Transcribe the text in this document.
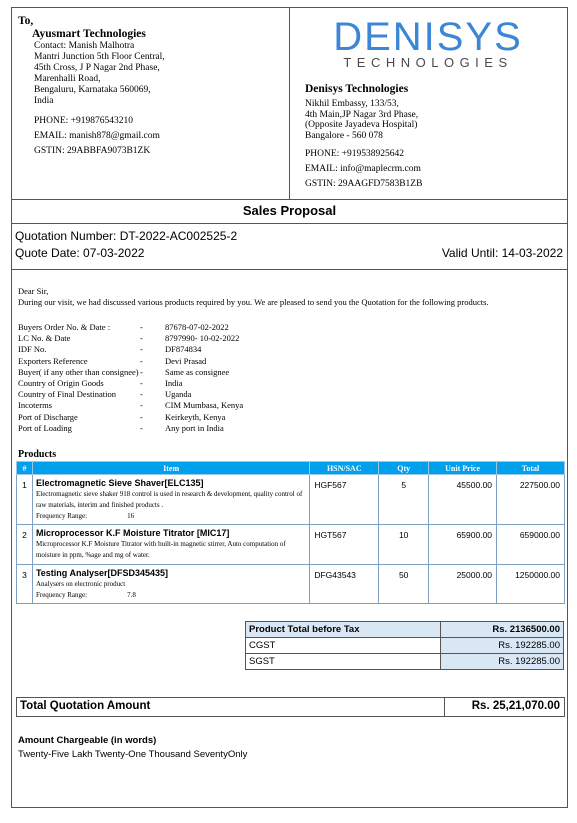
To,
Ayusmart Technologies
Contact: Manish Malhotra
Mantri Junction 5th Floor Central,
45th Cross, J P Nagar 2nd Phase,
Marenhalli Road,
Bengaluru, Karnataka 560069,
India
PHONE: +919876543210
EMAIL: manish878@gmail.com
GSTIN: 29ABBFA9073B1ZK
DENISYS
TECHNOLOGIES
Denisys Technologies
Nikhil Embassy, 133/53,
4th Main,JP Nagar 3rd Phase,
(Opposite Jayadeva Hospital)
Bangalore - 560 078
PHONE: +919538925642
EMAIL: info@maplecrm.com
GSTIN: 29AAGFD7583B1ZB
Sales Proposal
Quotation Number: DT-2022-AC002525-2
Quote Date: 07-03-2022	Valid Until: 14-03-2022
Dear Sir,
During our visit, we had discussed various products required by you. We are pleased to send you the Quotation for the following products.
Buyers Order No. & Date :	-	87678-07-02-2022
LC No. & Date	-	8797990- 10-02-2022
IDF No.	-	DF874834
Exporters Reference	-	Devi Prasad
Buyer( if any other than consignee) -	Same as consignee
Country of Origin Goods	-	India
Country of Final Destination	-	Uganda
Incoterms	-	CIM Mumbasa, Kenya
Port of Discharge	-	Keirkeyth, Kenya
Port of Loading	-	Any port in India
Products
#	Item	HSN/SAC	Qty	Unit Price	Total
1	Electromagnetic Sieve Shaver[ELC135]
Electromagnetic sieve shaker 918 control is used in research & development, quality control of raw materials, interim and finished products .
Frequency Range: 16	HGF567	5	45500.00	227500.00
2	Microprocessor K.F Moisture Titrator [MIC17]
Microprocessor K.F Moisture Titrator with built-in magnetic stirrer, Auto computation of moisture in ppm, %age and mg of water.	HGT567	10	65900.00	659000.00
3	Testing Analyser[DFSD345435]
Analysers on electronic product
Frequency Range: 7.8	DFG43543	50	25000.00	1250000.00
Product Total before Tax	Rs. 2136500.00
CGST	Rs. 192285.00
SGST	Rs. 192285.00
Total Quotation Amount	Rs. 25,21,070.00
Amount Chargeable (in words)
Twenty-Five Lakh Twenty-One Thousand SeventyOnly
